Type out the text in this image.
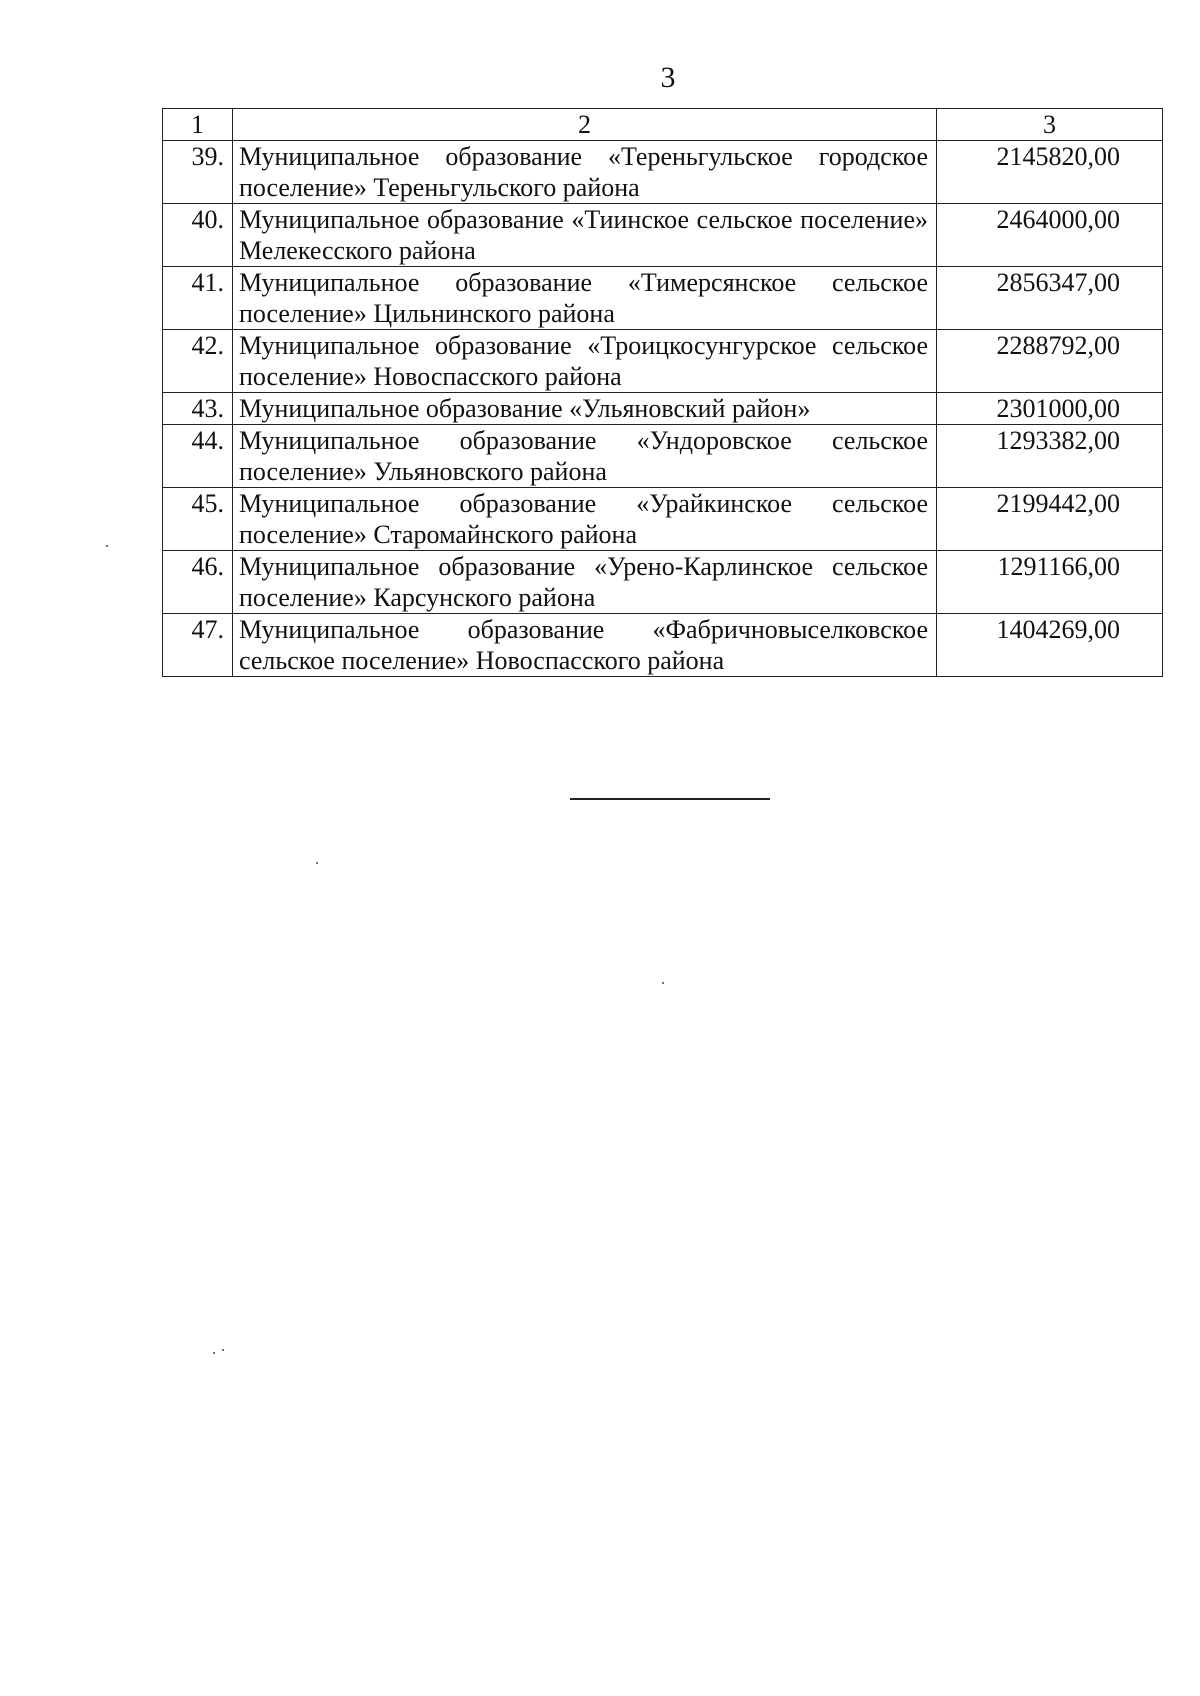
3
1	2	3
39.	Муниципальное образование «Тереньгульское городское поселение» Тереньгульского района	2145820,00
40.	Муниципальное образование «Тиинское сельское поселение» Мелекесского района	2464000,00
41.	Муниципальное образование «Тимерсянское сельское поселение» Цильнинского района	2856347,00
42.	Муниципальное образование «Троицкосунгурское сельское поселение» Новоспасского района	2288792,00
43.	Муниципальное образование «Ульяновский район»	2301000,00
44.	Муниципальное образование «Ундоровское сельское поселение» Ульяновского района	1293382,00
45.	Муниципальное образование «Урайкинское сельское поселение» Старомайнского района	2199442,00
46.	Муниципальное образование «Урено-Карлинское сельское поселение» Карсунского района	1291166,00
47.	Муниципальное образование «Фабричновыселковское сельское поселение» Новоспасского района	1404269,00
